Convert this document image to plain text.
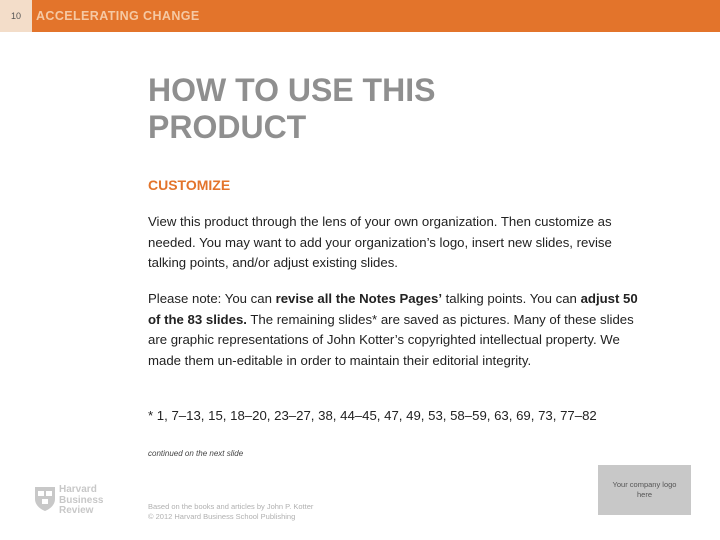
10	ACCELERATING CHANGE
HOW TO USE THIS
PRODUCT
CUSTOMIZE

View this product through the lens of your own organization. Then customize as needed. You may want to add your organization’s logo, insert new slides, revise talking points, and/or adjust existing slides.

Please note: You can revise all the Notes Pages’ talking points. You can adjust 50 of the 83 slides. The remaining slides* are saved as pictures. Many of these slides are graphic representations of John Kotter’s copyrighted intellectual property. We made them un-editable in order to maintain their editorial integrity.

* 1, 7–13, 15, 18–20, 23–27, 38, 44–45, 47, 49, 53, 58–59, 63, 69, 73, 77–82

continued on the next slide
Harvard
Business
Review	Based on the books and articles by John P. Kotter
© 2012 Harvard Business School Publishing
Your company logo here
